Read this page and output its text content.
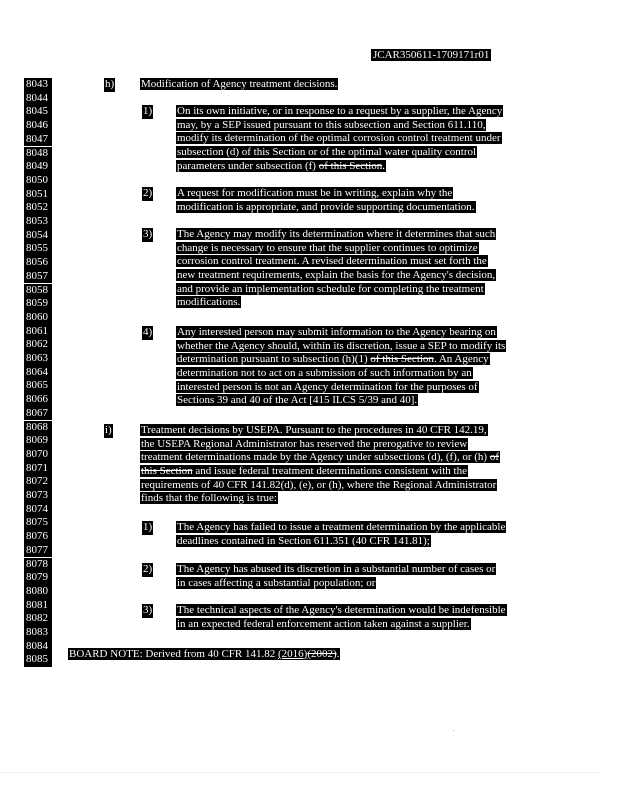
JCAR350611-1709171r01
8043
8044
8045
8046
8047
8048
8049
8050
8051
8052
8053
8054
8055
8056
8057
8058
8059
8060
8061
8062
8063
8064
8065
8066
8067
8068
8069
8070
8071
8072
8073
8074
8075
8076
8077
8078
8079
8080
8081
8082
8083
8084
8085
h) Modification of Agency treatment decisions.
1) On its own initiative, or in response to a request by a supplier, the Agency
may, by a SEP issued pursuant to this subsection and Section 611.110,
modify its determination of the optimal corrosion control treatment under
subsection (d) of this Section or of the optimal water quality control
parameters under subsection (f) of this Section.
2) A request for modification must be in writing, explain why the
modification is appropriate, and provide supporting documentation.
3) The Agency may modify its determination where it determines that such
change is necessary to ensure that the supplier continues to optimize
corrosion control treatment. A revised determination must set forth the
new treatment requirements, explain the basis for the Agency's decision,
and provide an implementation schedule for completing the treatment
modifications.
4) Any interested person may submit information to the Agency bearing on
whether the Agency should, within its discretion, issue a SEP to modify its
determination pursuant to subsection (h)(1) of this Section. An Agency
determination not to act on a submission of such information by an
interested person is not an Agency determination for the purposes of
Sections 39 and 40 of the Act [415 ILCS 5/39 and 40].
i)	Treatment decisions by USEPA. Pursuant to the procedures in 40 CFR 142.19,
the USEPA Regional Administrator has reserved the prerogative to review
treatment determinations made by the Agency under subsections (d), (f), or (h) of
this Section and issue federal treatment determinations consistent with the
requirements of 40 CFR 141.82(d), (e), or (h), where the Regional Administrator
finds that the following is true:
1) The Agency has failed to issue a treatment determination by the applicable
deadlines contained in Section 611.351 (40 CFR 141.81);
2) The Agency has abused its discretion in a substantial number of cases or
in cases affecting a substantial population; or
3) The technical aspects of the Agency's determination would be indefensible
in an expected federal enforcement action taken against a supplier.
BOARD NOTE: Derived from 40 CFR 141.82 (2016)(2002).
